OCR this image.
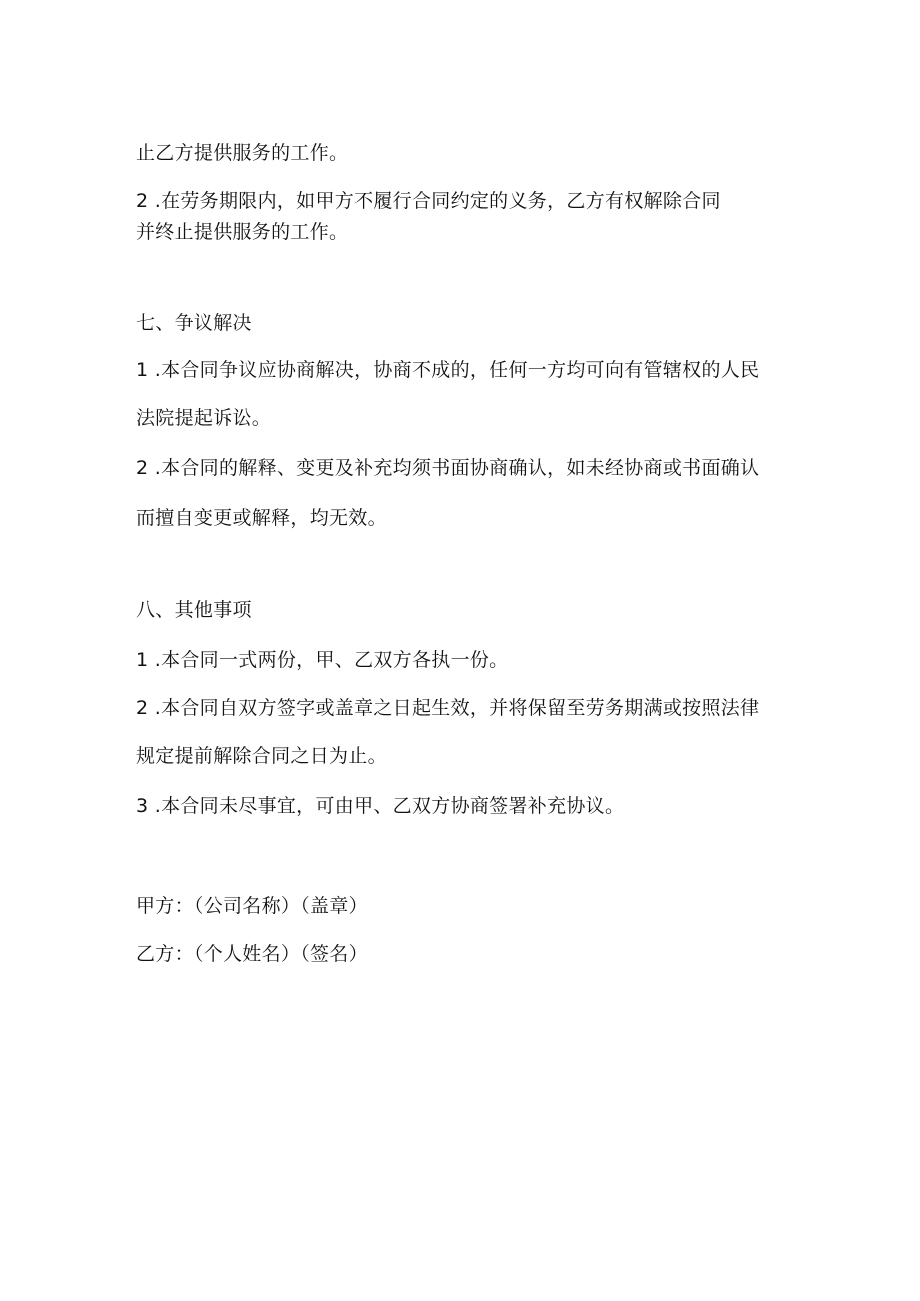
止乙方提供服务的工作。
2 .在劳务期限内，如甲方不履行合同约定的义务，乙方有权解除合同
并终止提供服务的工作。
七、争议解决
1 .本合同争议应协商解决，协商不成的，任何一方均可向有管辖权的人民
法院提起诉讼。
2 .本合同的解释、变更及补充均须书面协商确认，如未经协商或书面确认
而擅自变更或解释，均无效。
八、其他事项
1 .本合同一式两份，甲、乙双方各执一份。
2 .本合同自双方签字或盖章之日起生效，并将保留至劳务期满或按照法律
规定提前解除合同之日为止。
3 .本合同未尽事宜，可由甲、乙双方协商签署补充协议。
甲方：（公司名称）（盖章）
乙方：（个人姓名）（签名）
